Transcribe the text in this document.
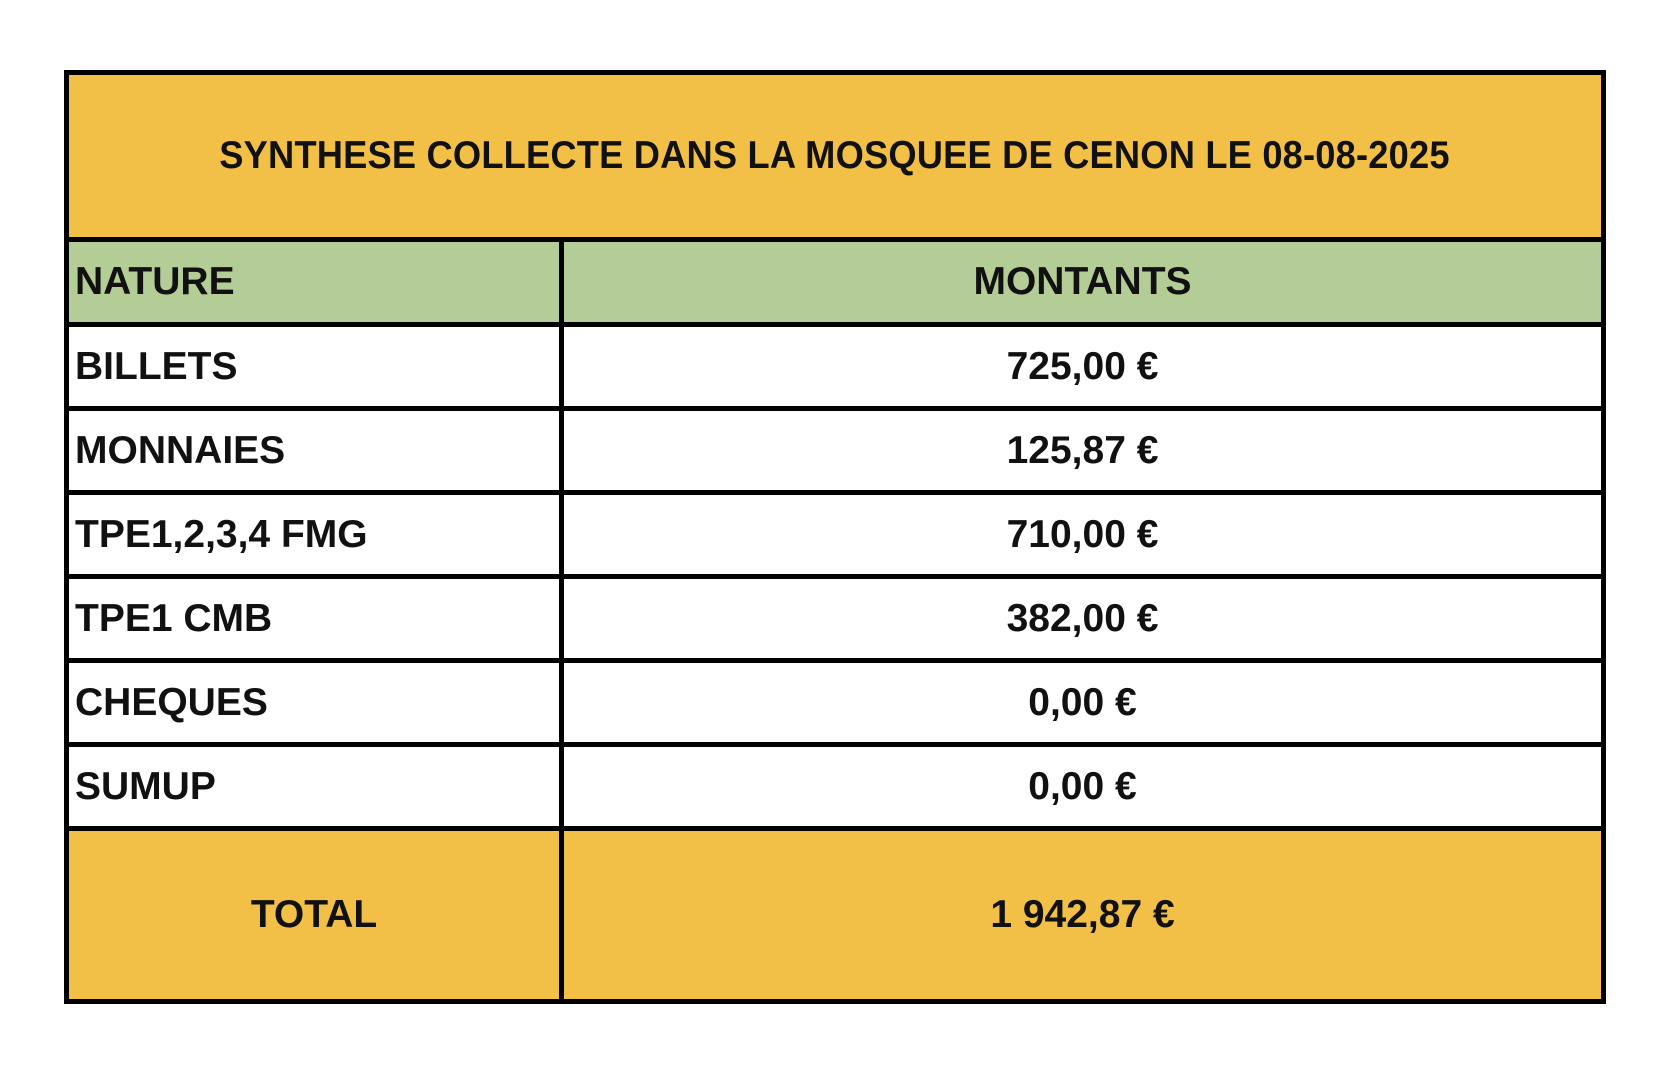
SYNTHESE COLLECTE DANS LA MOSQUEE DE CENON LE 08-08-2025
NATURE	MONTANTS
BILLETS	725,00 €
MONNAIES	125,87 €
TPE1,2,3,4 FMG	710,00 €
TPE1 CMB	382,00 €
CHEQUES	0,00 €
SUMUP	0,00 €
TOTAL	1 942,87 €
